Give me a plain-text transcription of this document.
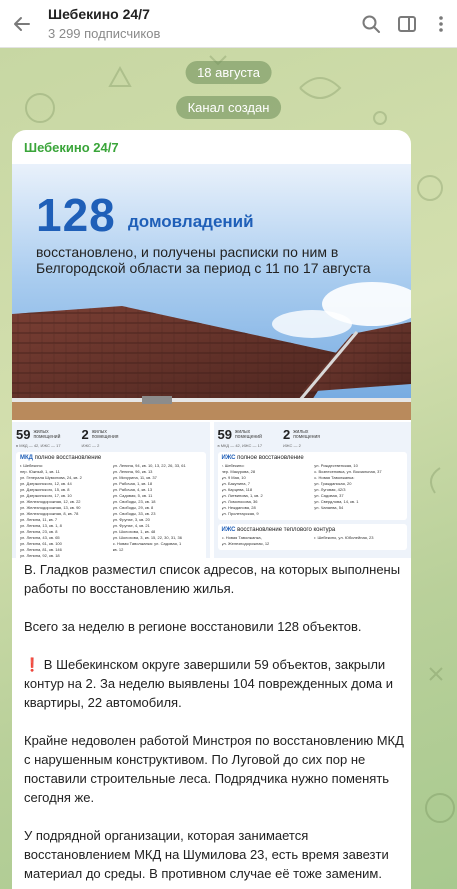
Шебекино 24/7
3 299 подписчиков
18 августа
Канал создан
Шебекино 24/7
128 домовладений
восстановлено, и получены расписки по ним в Белгородской области за период с 11 по 17 августа
59 жилых помещений
в МКД — 42, ИЖС — 17
2 жилых помещения
ИЖС — 2
МКД полное восстановление
г. Шебекино:
пер. Южный, 1, кв. 11
ул. Генерала Шумилова, 24, кв. 2
ул. Дзержинского, 12, кв. 44
ул. Дзержинского, 15, кв. 8
ул. Дзержинского, 17, кв. 10
ул. Железнодорожная, 12, кв. 22
ул. Железнодорожная, 13, кв. 90
ул. Железнодорожная, 8, кв. 78
ул. Ленина, 11, кв. 7
ул. Ленина, 13, кв. 1, 8
ул. Ленина, 23, кв. 8
ул. Ленина, 43, кв. 65
ул. Ленина, 61, кв. 100
ул. Ленина, 81, кв. 146
ул. Ленина, 92, кв. 18
ул. Ленина, 94, кв. 10, 13, 22, 26, 33, 61
ул. Ленина, 96, кв. 13
ул. Мичурина, 11, кв. 37
ул. Рабочая, 1, кв. 18
ул. Рабочая, 4, кв. 13
ул. Садовая, 5, кв. 11
ул. Свободы, 23, кв. 18
ул. Свободы, 29, кв. 8
ул. Свободы, 33, кв. 23
ул. Фрунзе, 3, кв. 20
ул. Фрунзе, 4, кв. 21
ул. Шолохова, 1, кв. 48
ул. Шолохова, 3, кв. 15, 22, 30, 31, 36
с. Новая Таволжанка: ул. Садовая, 1
кв. 12
59 жилых помещений
в МКД — 42, ИЖС — 17
2 жилых помещения
ИЖС — 2
ИЖС полное восстановление
г. Шебекино:
пер. Макурова, 28
ул. 9 Мая, 10
ул. Бакунина, 7
ул. Карцева, 118
ул. Литвинова, 1, кв. 2
ул. Ломоносова, 36
ул. Нежданова, 28
ул. Пролетарская, 9
ул. Рождественская, 10
с. Вознесеновка, ул. Вокзальная, 37
с. Новая Таволжанка:
ул. Гражданская, 20
ул. Луговая, 42/3
ул. Садовая, 37
ул. Свердлова, 14, кв. 1
ул. Чапаева, 54
ИЖС восстановление теплового контура
с. Новая Таволжанка,
ул. Железнодорожная, 12
г. Шебекино, ул. Юбилейная, 23

В. Гладков разместил список адресов, на которых выполнены работы по восстановлению жилья.

Всего за неделю в регионе восстановили 128 объектов.

❗ В Шебекинском округе завершили 59 объектов, закрыли контур на 2. За неделю выявлены 104 поврежденных дома и квартиры, 22 автомобиля.

Крайне недоволен работой Минстроя по восстановлению МКД с нарушенным конструктивом. По Луговой до сих пор не поставили строительные леса. Подрядчика нужно поменять сегодня же.

У подрядной организации, которая занимается восстановлением МКД на Шумилова 23, есть время завезти материал до среды. В противном случае её тоже заменим.
